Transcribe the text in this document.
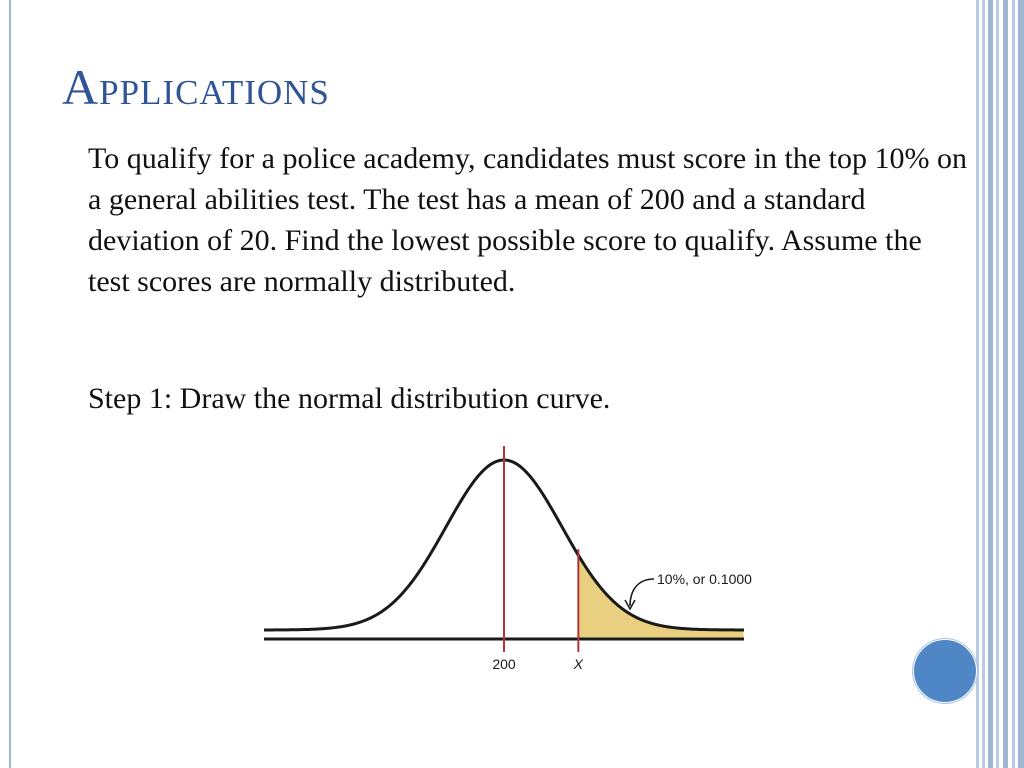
Applications

To qualify for a police academy, candidates must score in the top 10% on a general abilities test. The test has a mean of 200 and a standard deviation of 20. Find the lowest possible score to qualify. Assume the test scores are normally distributed.

Step 1: Draw the normal distribution curve.

200	X
10%, or 0.1000
